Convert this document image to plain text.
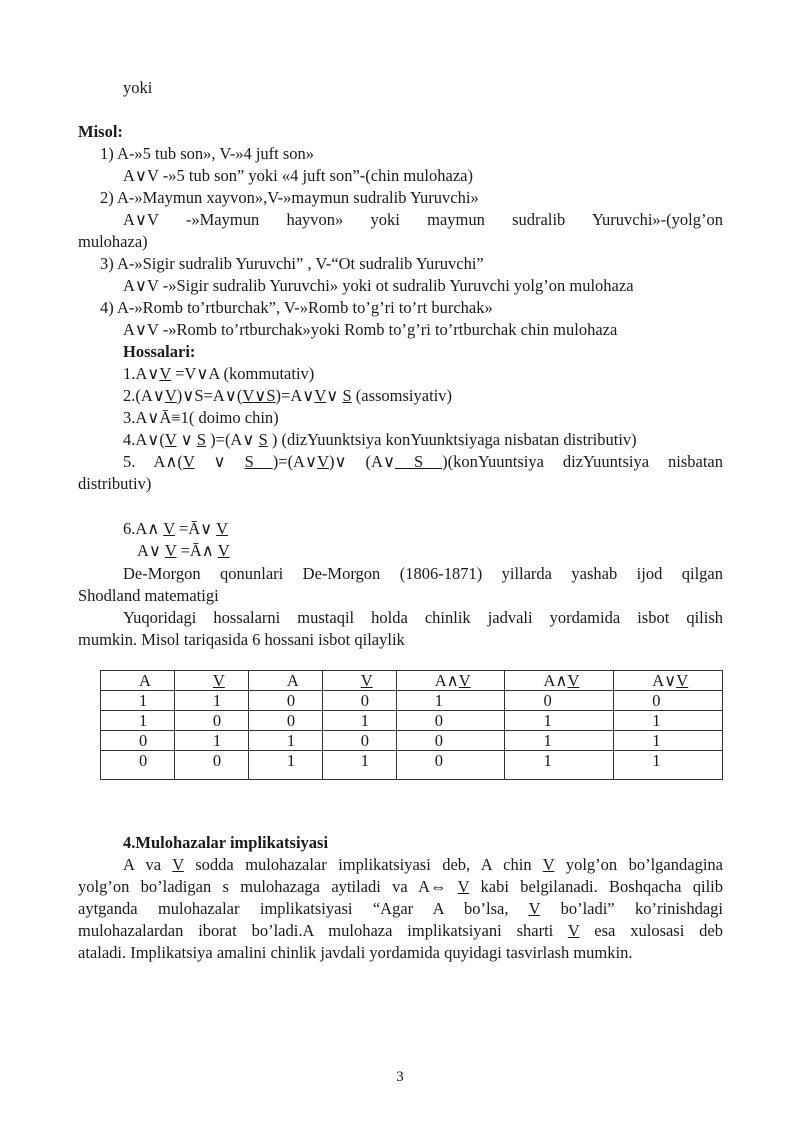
yoki
Misol:
1) A-»5 tub son», V-»4 juft son»
A∨V -»5 tub son” yoki «4 juft son”-(chin mulohaza)
2) A-»Maymun xayvon»,V-»maymun sudralib Yuruvchi»
A∨V -»Maymun hayvon» yoki maymun sudralib Yuruvchi»-(yolg’on
mulohaza)
3) A-»Sigir sudralib Yuruvchi” , V-“Ot sudralib Yuruvchi”
A∨V -»Sigir sudralib Yuruvchi» yoki ot sudralib Yuruvchi yolg’on mulohaza
4) A-»Romb to’rtburchak”, V-»Romb to’g’ri to’rt burchak»
A∨V -»Romb to’rtburchak»yoki Romb to’g’ri to’rtburchak chin mulohaza
Hossalari:
1.A∨V =V∨A (kommutativ)
2.(A∨V)∨S=A∨(V∨S)=A∨V∨ S (assomsiyativ)
3.A∨Ā≡1( doimo chin)
4.A∨(V ∨ S )=(A∨ S ) (dizYuunktsiya konYuunktsiyaga nisbatan distributiv)
5. A∧(V ∨ S )=(A∨V)∨ (A∨ S )(konYuuntsiya dizYuuntsiya nisbatan
distributiv)
6.A∧ V =Ā∨ V
A∨ V =Ā∧ V
De-Morgon qonunlari De-Morgon (1806-1871) yillarda yashab ijod qilgan
Shodland matematigi
Yuqoridagi hossalarni mustaqil holda chinlik jadvali yordamida isbot qilish
mumkin. Misol tariqasida 6 hossani isbot qilaylik
A	V	A	V	A∧V	A∧V	A∨V
1	1	0	0	1	0	0
1	0	0	1	0	1	1
0	1	1	0	0	1	1
0	0	1	1	0	1	1
4.Mulohazalar implikatsiyasi
A va V sodda mulohazalar implikatsiyasi deb, A chin V yolg’on bo’lgandagina
yolg’on bo’ladigan s mulohazaga aytiladi va A⇔ V kabi belgilanadi. Boshqacha qilib
aytganda mulohazalar implikatsiyasi “Agar A bo’lsa, V bo’ladi” ko’rinishdagi
mulohazalardan iborat bo’ladi.A mulohaza implikatsiyani sharti V esa xulosasi deb
ataladi. Implikatsiya amalini chinlik javdali yordamida quyidagi tasvirlash mumkin.
3
